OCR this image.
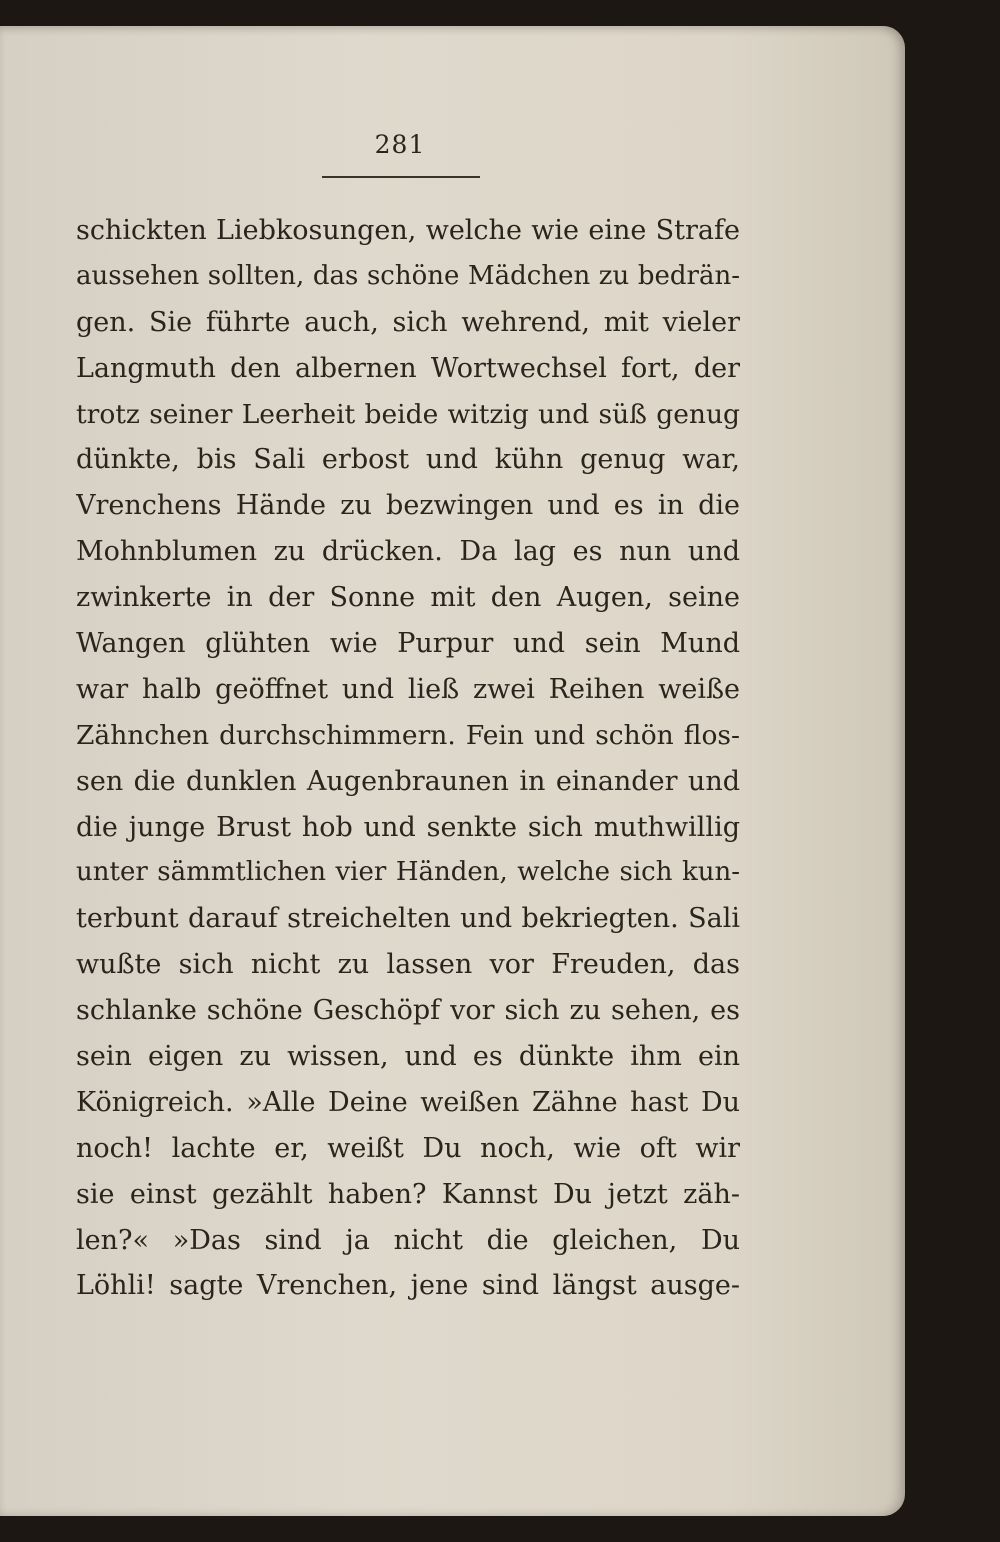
281
schickten Liebkosungen, welche wie eine Strafe
aussehen sollten, das schöne Mädchen zu bedrän-
gen. Sie führte auch, sich wehrend, mit vieler
Langmuth den albernen Wortwechsel fort, der
trotz seiner Leerheit beide witzig und süß genug
dünkte, bis Sali erbost und kühn genug war,
Vrenchens Hände zu bezwingen und es in die
Mohnblumen zu drücken. Da lag es nun und
zwinkerte in der Sonne mit den Augen, seine
Wangen glühten wie Purpur und sein Mund
war halb geöffnet und ließ zwei Reihen weiße
Zähnchen durchschimmern. Fein und schön flos-
sen die dunklen Augenbraunen in einander und
die junge Brust hob und senkte sich muthwillig
unter sämmtlichen vier Händen, welche sich kun-
terbunt darauf streichelten und bekriegten. Sali
wußte sich nicht zu lassen vor Freuden, das
schlanke schöne Geschöpf vor sich zu sehen, es
sein eigen zu wissen, und es dünkte ihm ein
Königreich. »Alle Deine weißen Zähne hast Du
noch! lachte er, weißt Du noch, wie oft wir
sie einst gezählt haben? Kannst Du jetzt zäh-
len?« »Das sind ja nicht die gleichen, Du
Löhli! sagte Vrenchen, jene sind längst ausge-
